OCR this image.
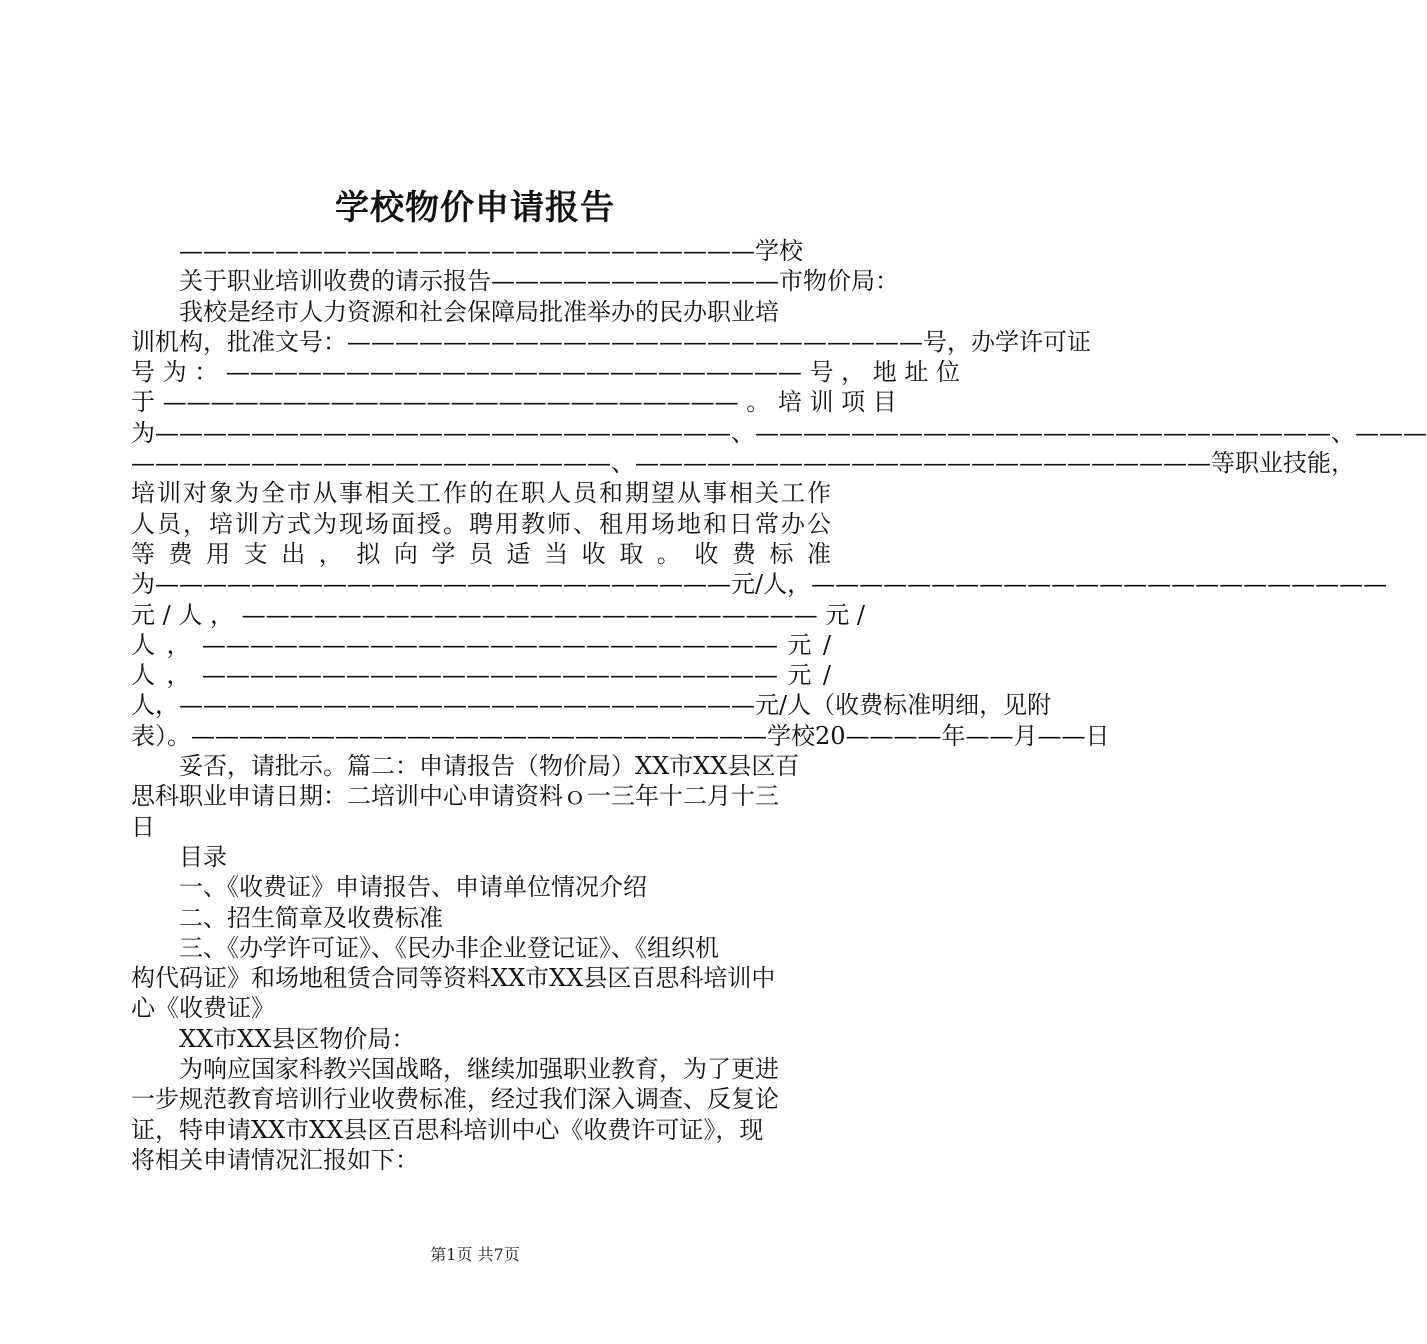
学校物价申请报告
————————————————————————学校
关于职业培训收费的请示报告————————————市物价局：
我校是经市人力资源和社会保障局批准举办的民办职业培
训机构，批准文号：————————————————————————号，办学许可证
号 为 ： ———————————————————————— 号 ， 地 址 位
于 ———————————————————————— 。 培 训 项 目
为————————————————————————、————————————————————————、———
————————————————————、————————————————————————等职业技能，
培训对象为全市从事相关工作的在职人员和期望从事相关工作
人员，培训方式为现场面授。聘用教师、租用场地和日常办公
等 费 用 支 出 ， 拟 向 学 员 适 当 收 取 。 收 费 标 准
为————————————————————————元/人，————————————————————————
元 / 人 ， ———————————————————————— 元 /
人 ， ———————————————————————— 元 /
人 ， ———————————————————————— 元 /
人，————————————————————————元/人（收费标准明细，见附
表）。————————————————————————学校20————年——月——日
妥否，请批示。篇二：申请报告（物价局）XX市XX县区百
思科职业申请日期：二培训中心申请资料ｏ一三年十二月十三
日
目录
一、《收费证》申请报告、申请单位情况介绍
二、招生简章及收费标准
三、《办学许可证》、《民办非企业登记证》、《组织机
构代码证》和场地租赁合同等资料XX市XX县区百思科培训中
心《收费证》
XX市XX县区物价局：
为响应国家科教兴国战略，继续加强职业教育，为了更进
一步规范教育培训行业收费标准，经过我们深入调查、反复论
证，特申请XX市XX县区百思科培训中心《收费许可证》，现
将相关申请情况汇报如下：
第1页 共7页
